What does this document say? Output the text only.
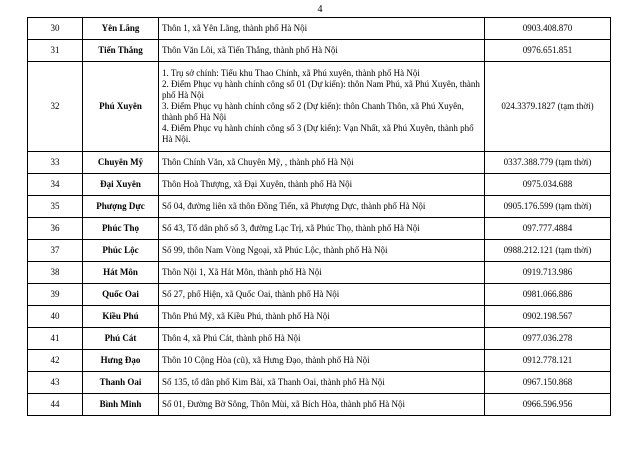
4
30	Yên Lãng	Thôn 1, xã Yên Lãng, thành phố Hà Nội	0903.408.870
31	Tiến Thắng	Thôn Văn Lôi, xã Tiến Thắng, thành phố Hà Nội	0976.651.851
32	Phú Xuyên	1. Trụ sở chính: Tiểu khu Thao Chính, xã Phú xuyên, thành phố Hà Nội
2. Điểm Phục vụ hành chính công số 01 (Dự kiến): thôn Nam Phú, xã Phú Xuyên, thành phố Hà Nội
3. Điểm Phục vụ hành chính công số 2 (Dự kiến): thôn Chanh Thôn, xã Phú Xuyên, thành phố Hà Nội
4. Điểm Phục vụ hành chính công số 3 (Dự kiến): Vạn Nhất, xã Phú Xuyên, thành phố Hà Nội.	024.3379.1827 (tạm thời)
33	Chuyên Mỹ	Thôn Chính Văn, xã Chuyên Mỹ, , thành phố Hà Nội	0337.388.779 (tạm thời)
34	Đại Xuyên	Thôn Hoà Thượng, xã Đại Xuyên, thành phố Hà Nội	0975.034.688
35	Phượng Dực	Số 04, đường liên xã thôn Đồng Tiến, xã Phượng Dực, thành phố Hà Nội	0905.176.599 (tạm thời)
36	Phúc Thọ	Số 43, Tổ dân phố số 3, đường Lạc Trị, xã Phúc Thọ, thành phố Hà Nội	097.777.4884
37	Phúc Lộc	Số 99, thôn Nam Vòng Ngoại, xã Phúc Lộc, thành phố Hà Nội	0988.212.121 (tạm thời)
38	Hát Môn	Thôn Nội 1, Xã Hát Môn, thành phố Hà Nội	0919.713.986
39	Quốc Oai	Số 27, phố Hiện, xã Quốc Oai, thành phố Hà Nội	0981.066.886
40	Kiều Phú	Thôn Phú Mỹ, xã Kiều Phú, thành phố Hà Nội	0902.198.567
41	Phú Cát	Thôn 4, xã Phú Cát, thành phố Hà Nội	0977.036.278
42	Hưng Đạo	Thôn 10 Cộng Hòa (cũ), xã Hưng Đạo, thành phố Hà Nội	0912.778.121
43	Thanh Oai	Số 135, tổ dân phố Kim Bài, xã Thanh Oai, thành phố Hà Nội	0967.150.868
44	Bình Minh	Số 01, Đường Bờ Sông, Thôn Mùi, xã Bích Hòa, thành phố Hà Nội	0966.596.956
